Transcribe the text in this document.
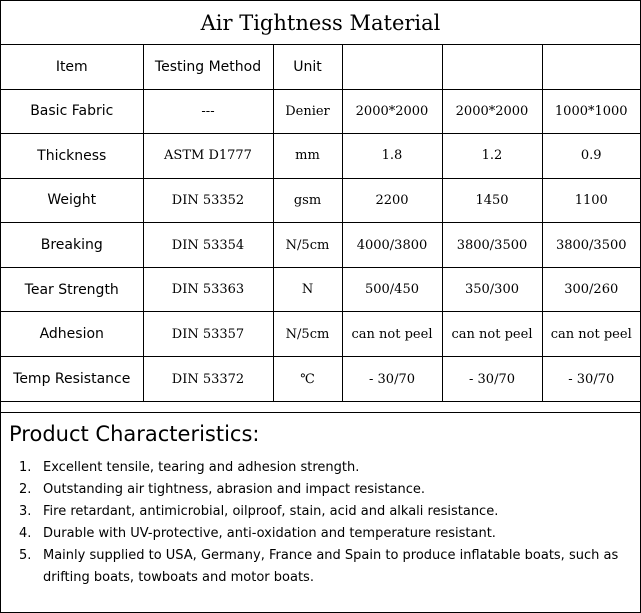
Air Tightness Material
Item	Testing Method	Unit			
Basic Fabric	---	Denier	2000*2000	2000*2000	1000*1000
Thickness	ASTM D1777	mm	1.8	1.2	0.9
Weight	DIN 53352	gsm	2200	1450	1100
Breaking	DIN 53354	N/5cm	4000/3800	3800/3500	3800/3500
Tear Strength	DIN 53363	N	500/450	350/300	300/260
Adhesion	DIN 53357	N/5cm	can not peel	can not peel	can not peel
Temp Resistance	DIN 53372	℃	- 30/70	- 30/70	- 30/70
Product Characteristics:
1. Excellent tensile, tearing and adhesion strength.
2. Outstanding air tightness, abrasion and impact resistance.
3. Fire retardant, antimicrobial, oilproof, stain, acid and alkali resistance.
4. Durable with UV-protective, anti-oxidation and temperature resistant.
5. Mainly supplied to USA, Germany, France and Spain to produce inflatable boats, such as drifting boats, towboats and motor boats.
